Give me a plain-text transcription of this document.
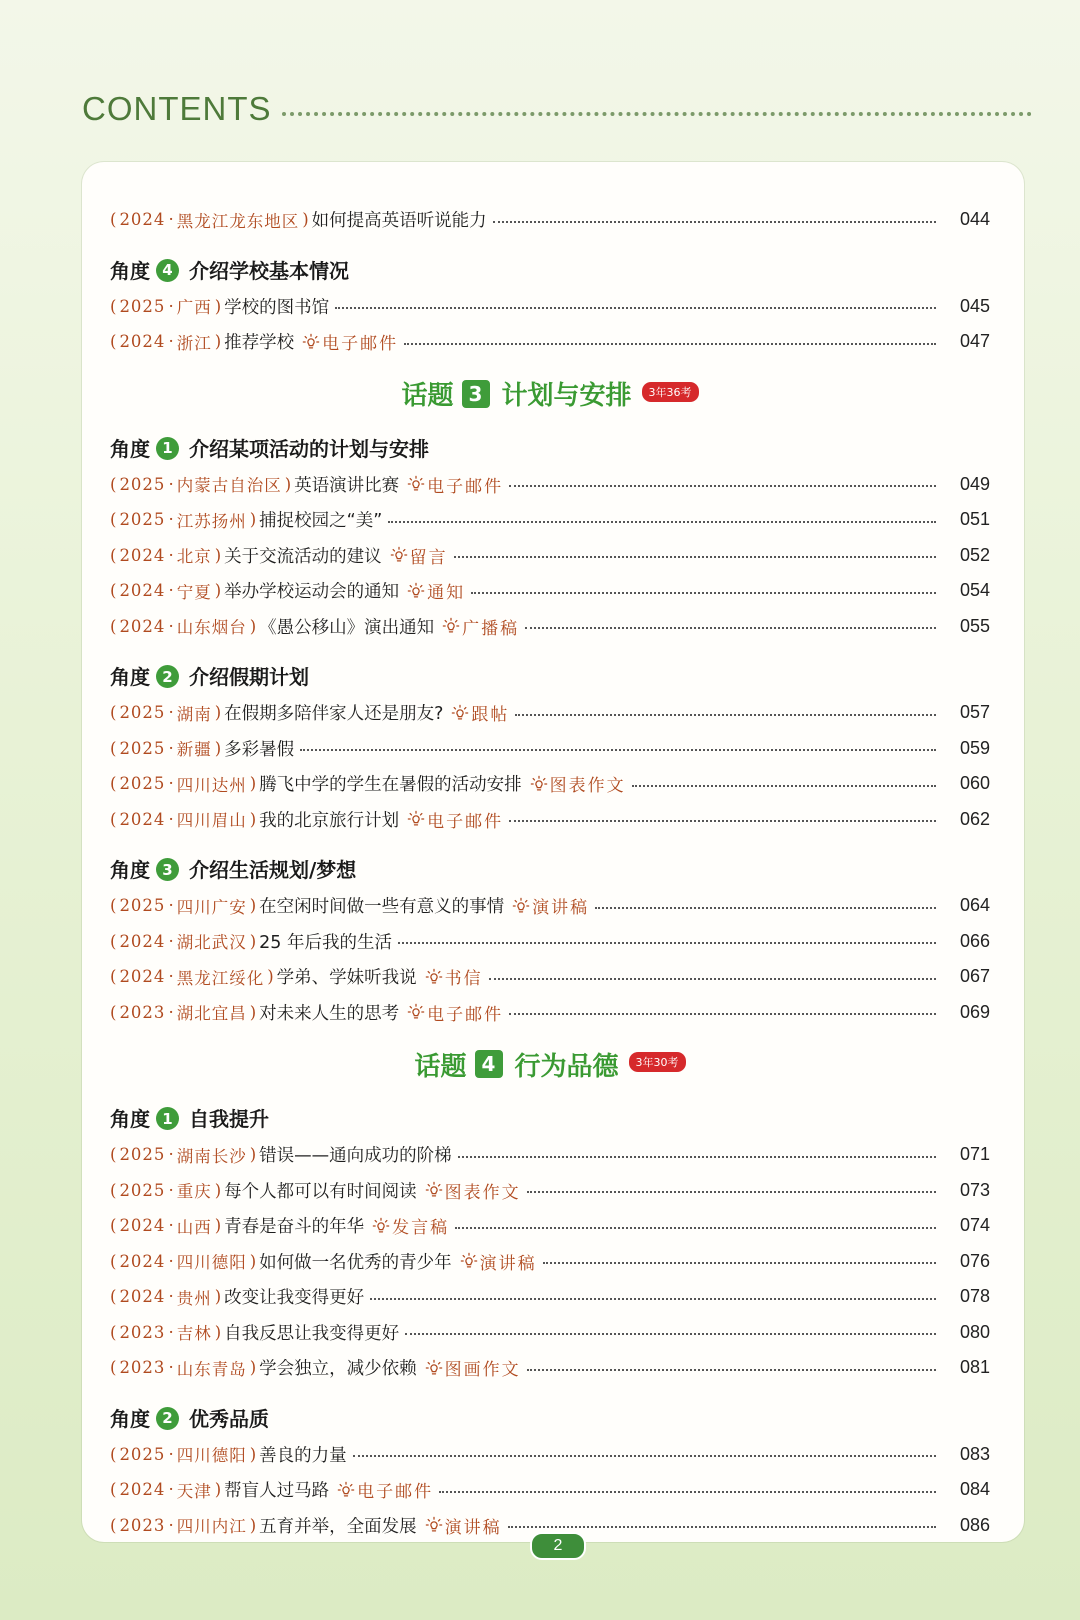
CONTENTS
( 2024 · 黑龙江龙东地区 ) 如何提高英语听说能力	044
角度 4 介绍学校基本情况
( 2025 · 广西 ) 学校的图书馆	045
( 2024 · 浙江 ) 推荐学校 电子邮件	047
话题 3 计划与安排	3年36考
角度 1 介绍某项活动的计划与安排
( 2025 · 内蒙古自治区 ) 英语演讲比赛 电子邮件	049
( 2025 · 江苏扬州 ) 捕捉校园之“美”	051
( 2024 · 北京 ) 关于交流活动的建议 留言	052
( 2024 · 宁夏 ) 举办学校运动会的通知 通知	054
( 2024 · 山东烟台 ) 《愚公移山》演出通知 广播稿	055
角度 2 介绍假期计划
( 2025 · 湖南 ) 在假期多陪伴家人还是朋友? 跟帖	057
( 2025 · 新疆 ) 多彩暑假	059
( 2025 · 四川达州 ) 腾飞中学的学生在暑假的活动安排 图表作文	060
( 2024 · 四川眉山 ) 我的北京旅行计划 电子邮件	062
角度 3 介绍生活规划/梦想
( 2025 · 四川广安 ) 在空闲时间做一些有意义的事情 演讲稿	064
( 2024 · 湖北武汉 ) 25 年后我的生活	066
( 2024 · 黑龙江绥化 ) 学弟、学妹听我说 书信	067
( 2023 · 湖北宜昌 ) 对未来人生的思考 电子邮件	069
话题 4 行为品德	3年30考
角度 1 自我提升
( 2025 · 湖南长沙 ) 错误——通向成功的阶梯	071
( 2025 · 重庆 ) 每个人都可以有时间阅读 图表作文	073
( 2024 · 山西 ) 青春是奋斗的年华 发言稿	074
( 2024 · 四川德阳 ) 如何做一名优秀的青少年 演讲稿	076
( 2024 · 贵州 ) 改变让我变得更好	078
( 2023 · 吉林 ) 自我反思让我变得更好	080
( 2023 · 山东青岛 ) 学会独立，减少依赖 图画作文	081
角度 2 优秀品质
( 2025 · 四川德阳 ) 善良的力量	083
( 2024 · 天津 ) 帮盲人过马路 电子邮件	084
( 2023 · 四川内江 ) 五育并举，全面发展 演讲稿	086
2
